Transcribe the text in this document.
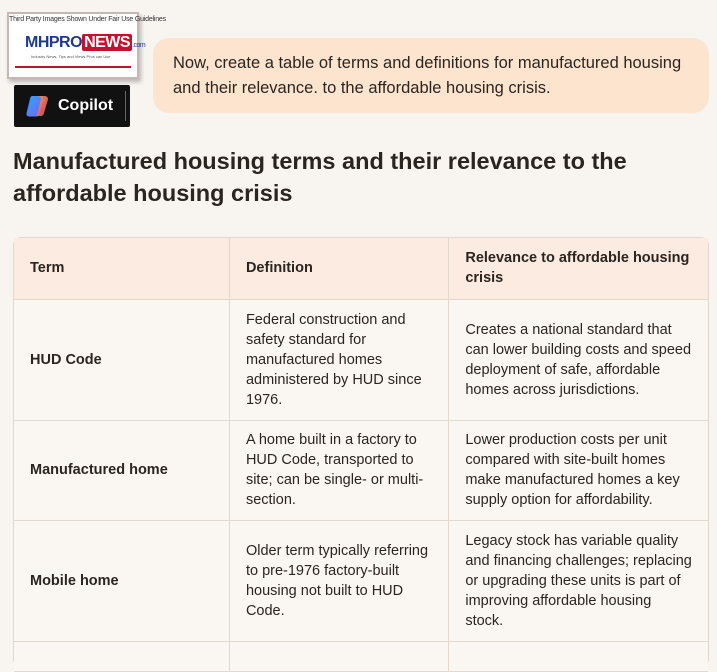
Third Party Images Shown Under Fair Use Guidelines
MHPRO NEWS .com
Industry News, Tips and Views Pros can Use
Copilot
Now, create a table of terms and definitions for manufactured housing and their relevance. to the affordable housing crisis.
Manufactured housing terms and their relevance to the affordable housing crisis
Term	Definition	Relevance to affordable housing crisis
HUD Code	Federal construction and safety standard for manufactured homes administered by HUD since 1976.	Creates a national standard that can lower building costs and speed deployment of safe, affordable homes across jurisdictions.
Manufactured home	A home built in a factory to HUD Code, transported to site; can be single- or multi-section.	Lower production costs per unit compared with site-built homes make manufactured homes a key supply option for affordability.
Mobile home	Older term typically referring to pre-1976 factory-built housing not built to HUD Code.	Legacy stock has variable quality and financing challenges; replacing or upgrading these units is part of improving affordable housing stock.
